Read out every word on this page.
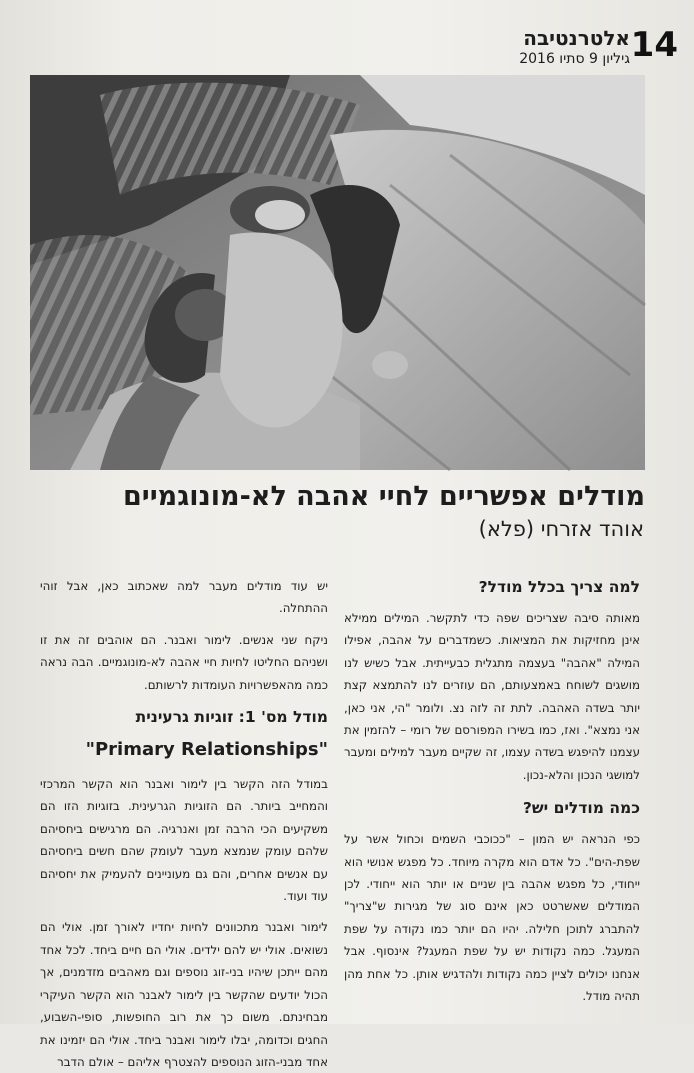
14
אלטרנטיבה
גיליון 9 סתיו 2016
מודלים אפשריים לחיי אהבה לא-מונוגמיים
אוהד אזרחי (פלא)
למה צריך בכלל מודל?

מאותה סיבה שצריכים שפה כדי לתקשר. המילים ממילא אינן מחזיקות את המציאות. כשמדברים על אהבה, אפילו המילה "אהבה" בעצמה מתגלית כבעייתית. אבל כשיש לנו מושגים לשוחח באמצעותם, הם עוזרים לנו להתמצא קצת יותר בשדה האהבה. לתת זה לזה נצ. ולומר "הי, אני כאן, אני נמצא". ואז, כמו בשירו המפורסם של רומי – להזמין את עצמנו להיפגש בשדה עצמו, זה שקיים מעבר למילים ומעבר למושגי הנכון והלא-נכון.

כמה מודלים יש?

כפי הנראה יש המון – "ככוכבי השמים וכחול אשר על שפת-הים". כל אדם הוא מקרה מיוחד. כל מפגש אנושי הוא ייחודי, כל מפגש אהבה בין שניים או יותר הוא ייחודי. לכן המודלים שאשרטט כאן אינם סוג של מגירות ש"צריך" להתברג לתוכן חלילה. יהיו הם יותר כמו נקודה על שפת המעגל. כמה נקודות יש על שפת המעגל? אינסוף. אבל אנחנו יכולים לציין כמה נקודות ולהדגיש אותן. כל אחת מהן תהיה מודל.

יש עוד מודלים מעבר למה שאכתוב כאן, אבל זוהי ההתחלה.

ניקח שני אנשים. לימור ואבנר. הם אוהבים זה את זו ושניהם החליטו לחיות חיי אהבה לא-מונוגמיים. הבה נראה כמה מהאפשרויות העומדות לרשותם.

מודל מס' 1: זוגיות גרעינית
"Primary Relationships"

במודל הזה הקשר בין לימור ואבנר הוא הקשר המרכזי והמחייב ביותר. הם הזוגיות הגרעינית. בזוגיות הזו הם משקיעים הכי הרבה זמן ואנרגיה. הם מרגישים ביחסיהם שלהם עומק שנמצא מעבר לעומק שהם חשים ביחסיהם עם אנשים אחרים, והם גם מעוניינים להעמיק את יחסיהם עוד ועוד.

לימור ואבנר מתכוונים לחיות יחדיו לאורך זמן. אולי הם נשואים. אולי יש להם ילדים. אולי הם חיים ביחד. לכל אחד מהם ייתכן שיהיו בני-זוג נוספים וגם מאהבים מזדמנים, אך הכול יודעים שהקשר בין לימור לאבנר הוא הקשר העיקרי מבחינתם. משום כך את רוב החופשות, סופי-השבוע, החגים וכדומה, יבלו לימור ואבנר ביחד. אולי הם יזמינו את אחד מבני-הזוג הנוספים להצטרף אליהם – אולם הדבר
